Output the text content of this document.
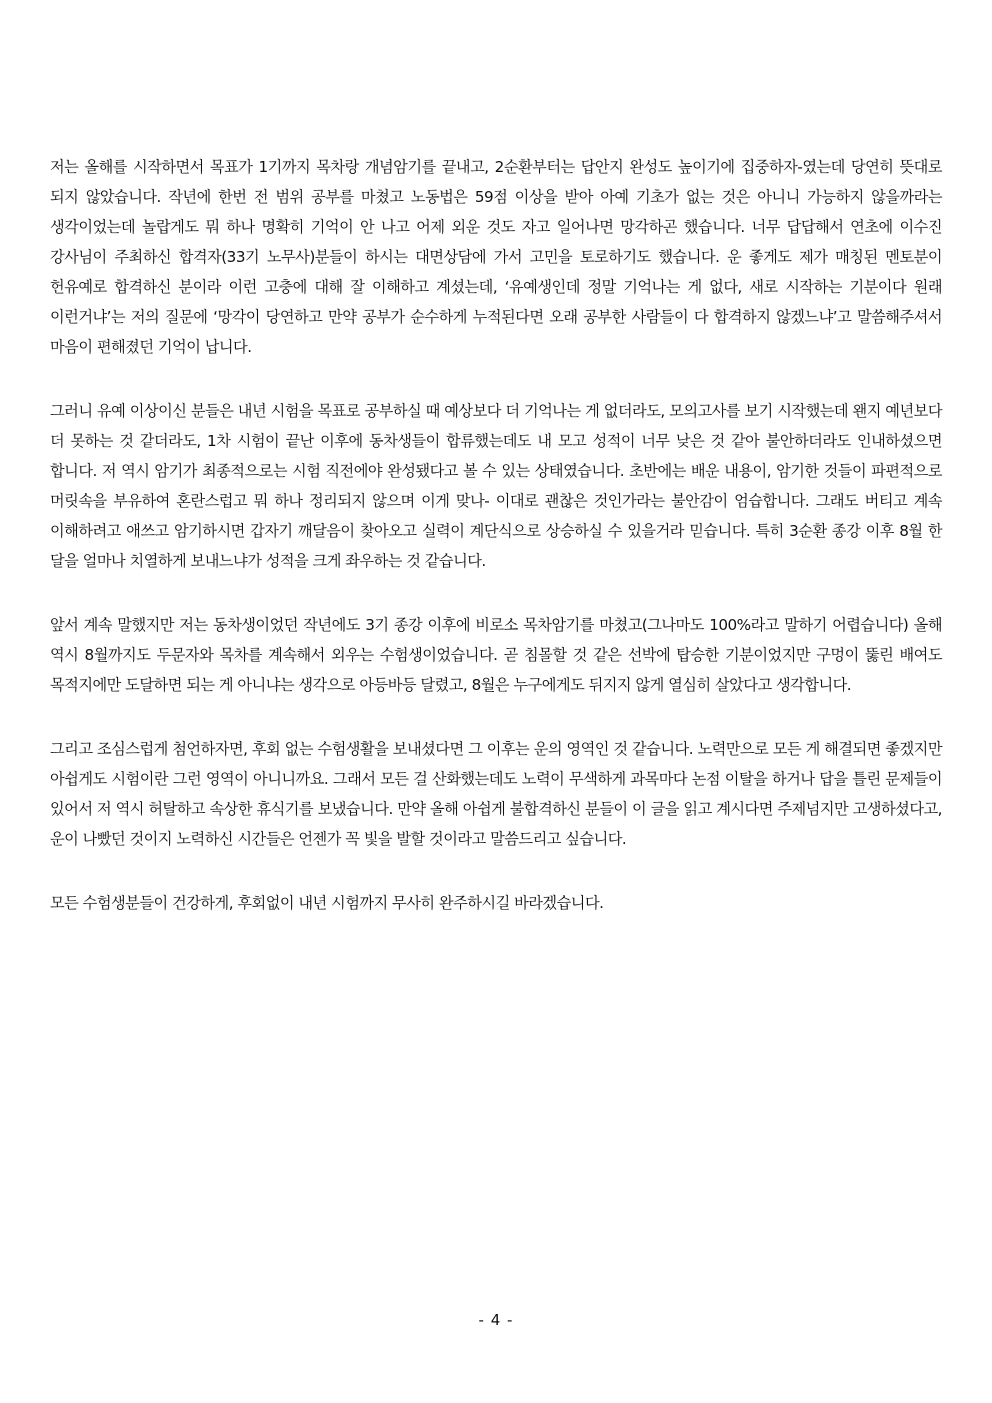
저는 올해를 시작하면서 목표가 1기까지 목차랑 개념암기를 끝내고, 2순환부터는 답안지 완성도 높이기에 집중하자-였는데 당연히 뜻대로 되지 않았습니다. 작년에 한번 전 범위 공부를 마쳤고 노동법은 59점 이상을 받아 아예 기초가 없는 것은 아니니 가능하지 않을까라는 생각이었는데 놀랍게도 뭐 하나 명확히 기억이 안 나고 어제 외운 것도 자고 일어나면 망각하곤 했습니다. 너무 답답해서 연초에 이수진 강사님이 주최하신 합격자(33기 노무사)분들이 하시는 대면상담에 가서 고민을 토로하기도 했습니다. 운 좋게도 제가 매칭된 멘토분이 헌유예로 합격하신 분이라 이런 고충에 대해 잘 이해하고 계셨는데, ‘유예생인데 정말 기억나는 게 없다, 새로 시작하는 기분이다 원래 이런거냐’는 저의 질문에 ‘망각이 당연하고 만약 공부가 순수하게 누적된다면 오래 공부한 사람들이 다 합격하지 않겠느냐’고 말씀해주셔서 마음이 편해졌던 기억이 납니다.

그러니 유예 이상이신 분들은 내년 시험을 목표로 공부하실 때 예상보다 더 기억나는 게 없더라도, 모의고사를 보기 시작했는데 왠지 예년보다 더 못하는 것 같더라도, 1차 시험이 끝난 이후에 동차생들이 합류했는데도 내 모고 성적이 너무 낮은 것 같아 불안하더라도 인내하셨으면 합니다. 저 역시 암기가 최종적으로는 시험 직전에야 완성됐다고 볼 수 있는 상태였습니다. 초반에는 배운 내용이, 암기한 것들이 파편적으로 머릿속을 부유하여 혼란스럽고 뭐 하나 정리되지 않으며 이게 맞나- 이대로 괜찮은 것인가라는 불안감이 엄습합니다. 그래도 버티고 계속 이해하려고 애쓰고 암기하시면 갑자기 깨달음이 찾아오고 실력이 계단식으로 상승하실 수 있을거라 믿습니다. 특히 3순환 종강 이후 8월 한 달을 얼마나 치열하게 보내느냐가 성적을 크게 좌우하는 것 같습니다.

앞서 계속 말했지만 저는 동차생이었던 작년에도 3기 종강 이후에 비로소 목차암기를 마쳤고(그나마도 100%라고 말하기 어렵습니다) 올해 역시 8월까지도 두문자와 목차를 계속해서 외우는 수험생이었습니다. 곧 침몰할 것 같은 선박에 탑승한 기분이었지만 구멍이 뚫린 배여도 목적지에만 도달하면 되는 게 아니냐는 생각으로 아등바등 달렸고, 8월은 누구에게도 뒤지지 않게 열심히 살았다고 생각합니다.

그리고 조심스럽게 첨언하자면, 후회 없는 수험생활을 보내셨다면 그 이후는 운의 영역인 것 같습니다. 노력만으로 모든 게 해결되면 좋겠지만 아쉽게도 시험이란 그런 영역이 아니니까요. 그래서 모든 걸 산화했는데도 노력이 무색하게 과목마다 논점 이탈을 하거나 답을 틀린 문제들이 있어서 저 역시 허탈하고 속상한 휴식기를 보냈습니다. 만약 올해 아쉽게 불합격하신 분들이 이 글을 읽고 계시다면 주제넘지만 고생하셨다고, 운이 나빴던 것이지 노력하신 시간들은 언젠가 꼭 빛을 발할 것이라고 말씀드리고 싶습니다.

모든 수험생분들이 건강하게, 후회없이 내년 시험까지 무사히 완주하시길 바라겠습니다.

- 4 -
